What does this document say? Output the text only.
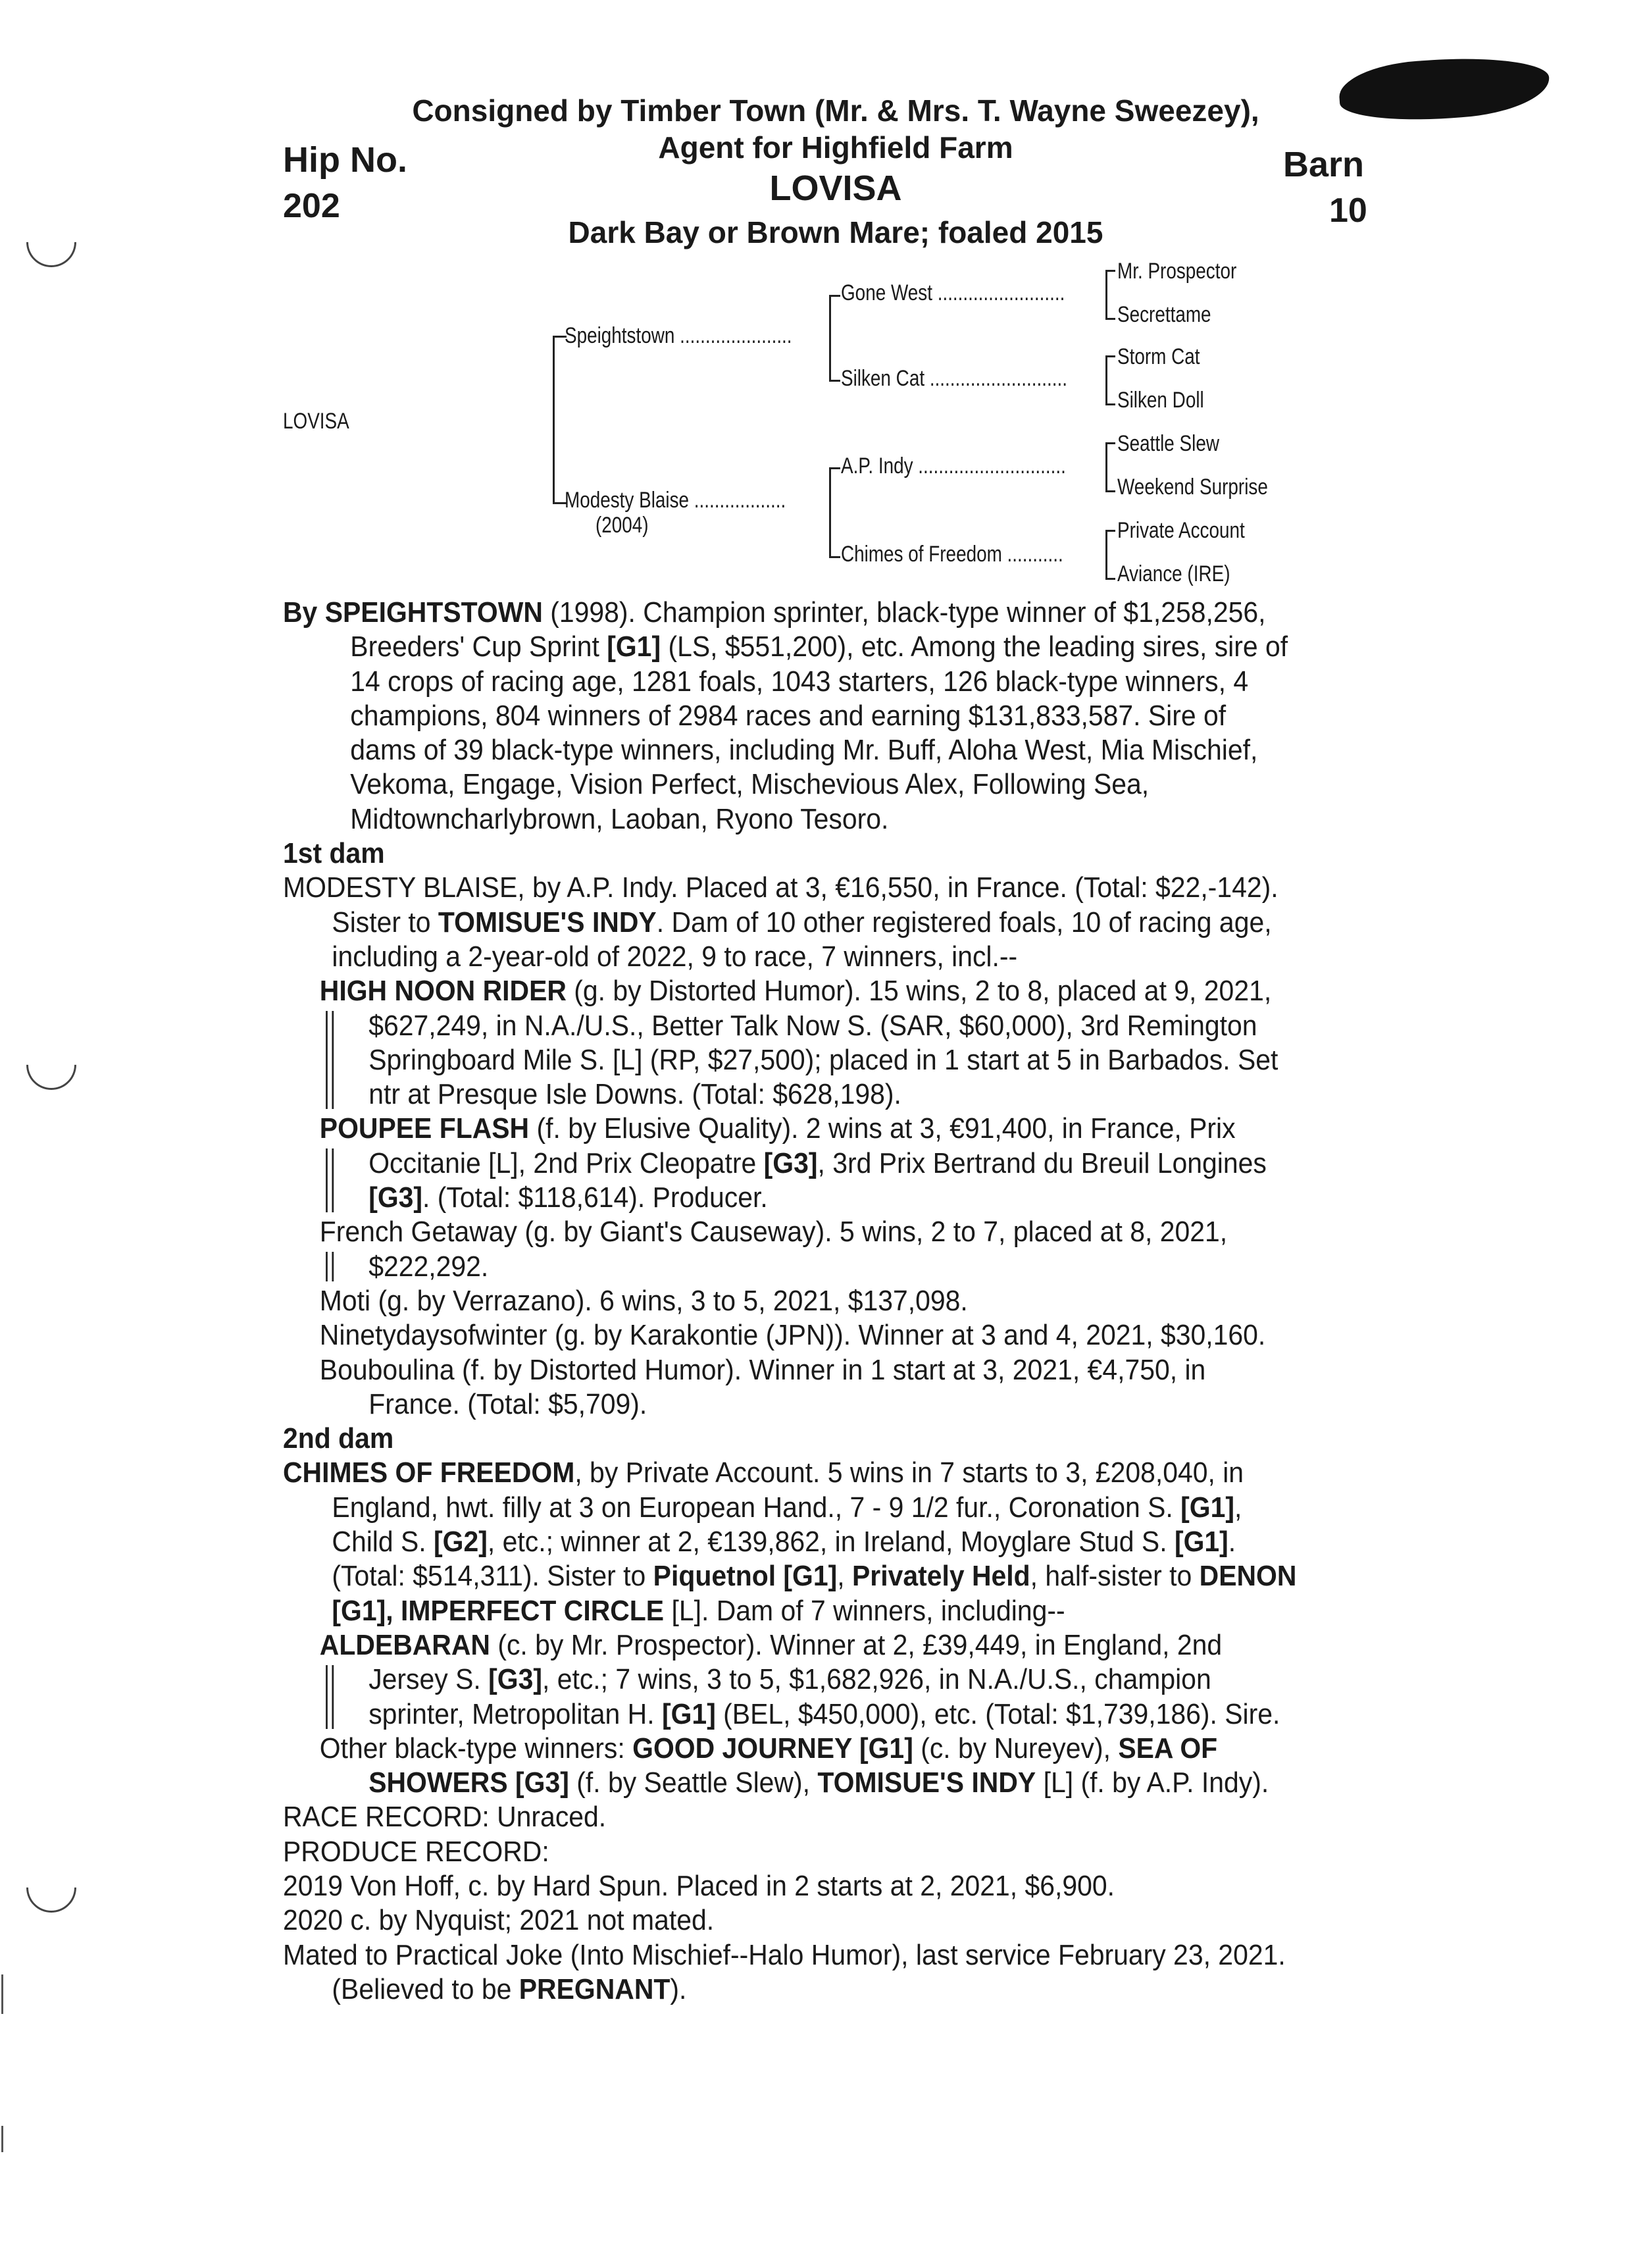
Consigned by Timber Town (Mr. & Mrs. T. Wayne Sweezey),
Agent for Highfield Farm
Hip No.
202
Barn
10
LOVISA
Dark Bay or Brown Mare; foaled 2015
LOVISA
Speightstown ......................
Modesty Blaise ..................
(2004)
Gone West .........................
Silken Cat ...........................
A.P. Indy .............................
Chimes of Freedom ...........
Mr. Prospector
Secrettame
Storm Cat
Silken Doll
Seattle Slew
Weekend Surprise
Private Account
Aviance (IRE)

By SPEIGHTSTOWN (1998). Champion sprinter, black-type winner of $1,258,256, Breeders' Cup Sprint [G1] (LS, $551,200), etc. Among the leading sires, sire of 14 crops of racing age, 1281 foals, 1043 starters, 126 black-type winners, 4 champions, 804 winners of 2984 races and earning $131,833,587. Sire of dams of 39 black-type winners, including Mr. Buff, Aloha West, Mia Mischief, Vekoma, Engage, Vision Perfect, Mischevious Alex, Following Sea, Midtowncharlybrown, Laoban, Ryono Tesoro.

1st dam

MODESTY BLAISE, by A.P. Indy. Placed at 3, €16,550, in France. (Total: $22,-142). Sister to TOMISUE'S INDY. Dam of 10 other registered foals, 10 of racing age, including a 2-year-old of 2022, 9 to race, 7 winners, incl.--

HIGH NOON RIDER (g. by Distorted Humor). 15 wins, 2 to 8, placed at 9, 2021, $627,249, in N.A./U.S., Better Talk Now S. (SAR, $60,000), 3rd Remington Springboard Mile S. [L] (RP, $27,500); placed in 1 start at 5 in Barbados. Set ntr at Presque Isle Downs. (Total: $628,198).

POUPEE FLASH (f. by Elusive Quality). 2 wins at 3, €91,400, in France, Prix Occitanie [L], 2nd Prix Cleopatre [G3], 3rd Prix Bertrand du Breuil Longines [G3]. (Total: $118,614). Producer.

French Getaway (g. by Giant's Causeway). 5 wins, 2 to 7, placed at 8, 2021, $222,292.

Moti (g. by Verrazano). 6 wins, 3 to 5, 2021, $137,098.

Ninetydaysofwinter (g. by Karakontie (JPN)). Winner at 3 and 4, 2021, $30,160.

Bouboulina (f. by Distorted Humor). Winner in 1 start at 3, 2021, €4,750, in France. (Total: $5,709).

2nd dam

CHIMES OF FREEDOM, by Private Account. 5 wins in 7 starts to 3, £208,040, in England, hwt. filly at 3 on European Hand., 7 - 9 1/2 fur., Coronation S. [G1], Child S. [G2], etc.; winner at 2, €139,862, in Ireland, Moyglare Stud S. [G1]. (Total: $514,311). Sister to Piquetnol [G1], Privately Held, half-sister to DENON [G1], IMPERFECT CIRCLE [L]. Dam of 7 winners, including--

ALDEBARAN (c. by Mr. Prospector). Winner at 2, £39,449, in England, 2nd Jersey S. [G3], etc.; 7 wins, 3 to 5, $1,682,926, in N.A./U.S., champion sprinter, Metropolitan H. [G1] (BEL, $450,000), etc. (Total: $1,739,186). Sire.

Other black-type winners: GOOD JOURNEY [G1] (c. by Nureyev), SEA OF SHOWERS [G3] (f. by Seattle Slew), TOMISUE'S INDY [L] (f. by A.P. Indy).

RACE RECORD: Unraced.

PRODUCE RECORD:

2019 Von Hoff, c. by Hard Spun. Placed in 2 starts at 2, 2021, $6,900.

2020 c. by Nyquist; 2021 not mated.

Mated to Practical Joke (Into Mischief--Halo Humor), last service February 23, 2021. (Believed to be PREGNANT).
